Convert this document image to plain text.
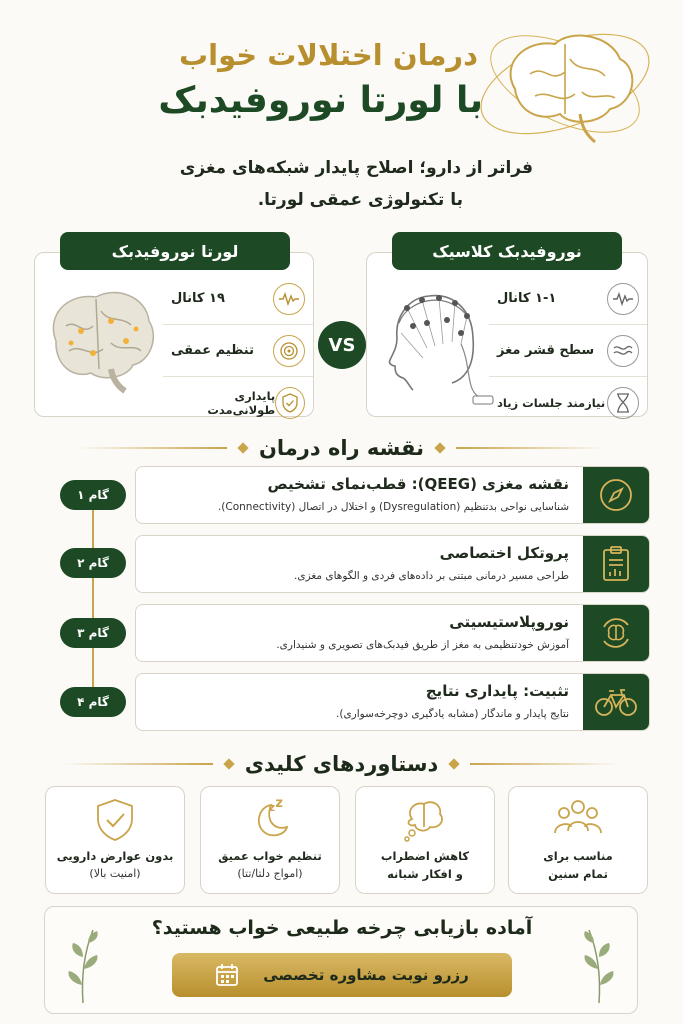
درمان اختلالات خواب
با لورتا نوروفیدبک
فراتر از دارو؛ اصلاح پایدار شبکه‌های مغزی
با تکنولوژی عمقی لورتا.
۱۹ کانال
تنظیم عمقی
پایداری طولانی‌مدت
لورتا نوروفیدبک
VS
۱-۱ کانال
سطح قشر مغز
نیازمند جلسات زیاد
نوروفیدبک کلاسیک
نقشه راه درمان
گام ۱
نقشه مغزی (QEEG): قطب‌نمای تشخیص
شناسایی نواحی بدتنظیم (Dysregulation) و اختلال در اتصال (Connectivity).
گام ۲
پروتکل اختصاصی
طراحی مسیر درمانی مبتنی بر داده‌های فردی و الگوهای مغزی.
گام ۳
نوروپلاستیسیتی
آموزش خودتنظیمی به مغز از طریق فیدبک‌های تصویری و شنیداری.
گام ۴
تثبیت: پایداری نتایج
نتایج پایدار و ماندگار (مشابه یادگیری دوچرخه‌سواری).
دستاوردهای کلیدی
مناسب برای
تمام سنین
کاهش اضطراب
و افکار شبانه
z z
تنظیم خواب عمیق
(امواج دلتا/تتا)
بدون عوارض دارویی
(امنیت بالا)
آماده بازیابی چرخه طبیعی خواب هستید؟
رزرو نوبت مشاوره تخصصی
